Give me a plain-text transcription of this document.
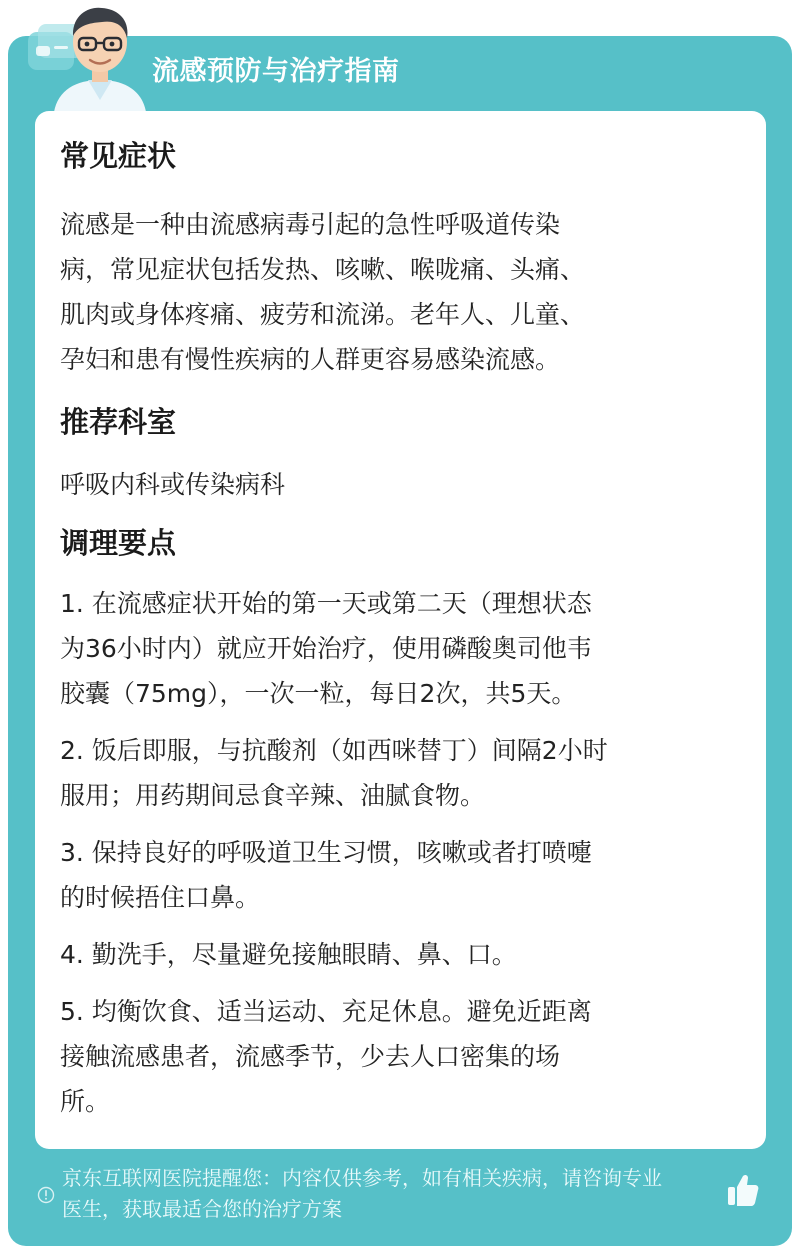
流感预防与治疗指南
常见症状

流感是一种由流感病毒引起的急性呼吸道传染

病，常见症状包括发热、咳嗽、喉咙痛、头痛、

肌肉或身体疼痛、疲劳和流涕。老年人、儿童、

孕妇和患有慢性疾病的人群更容易感染流感。

推荐科室

呼吸内科或传染病科

调理要点

1. 在流感症状开始的第一天或第二天（理想状态

为36小时内）就应开始治疗，使用磷酸奥司他韦

胶囊（75mg），一次一粒，每日2次，共5天。

2. 饭后即服，与抗酸剂（如西咪替丁）间隔2小时

服用；用药期间忌食辛辣、油腻食物。

3. 保持良好的呼吸道卫生习惯，咳嗽或者打喷嚏

的时候捂住口鼻。

4. 勤洗手，尽量避免接触眼睛、鼻、口。

5. 均衡饮食、适当运动、充足休息。避免近距离

接触流感患者，流感季节，少去人口密集的场

所。

京东互联网医院提醒您：内容仅供参考，如有相关疾病，请咨询专业
医生，获取最适合您的治疗方案
